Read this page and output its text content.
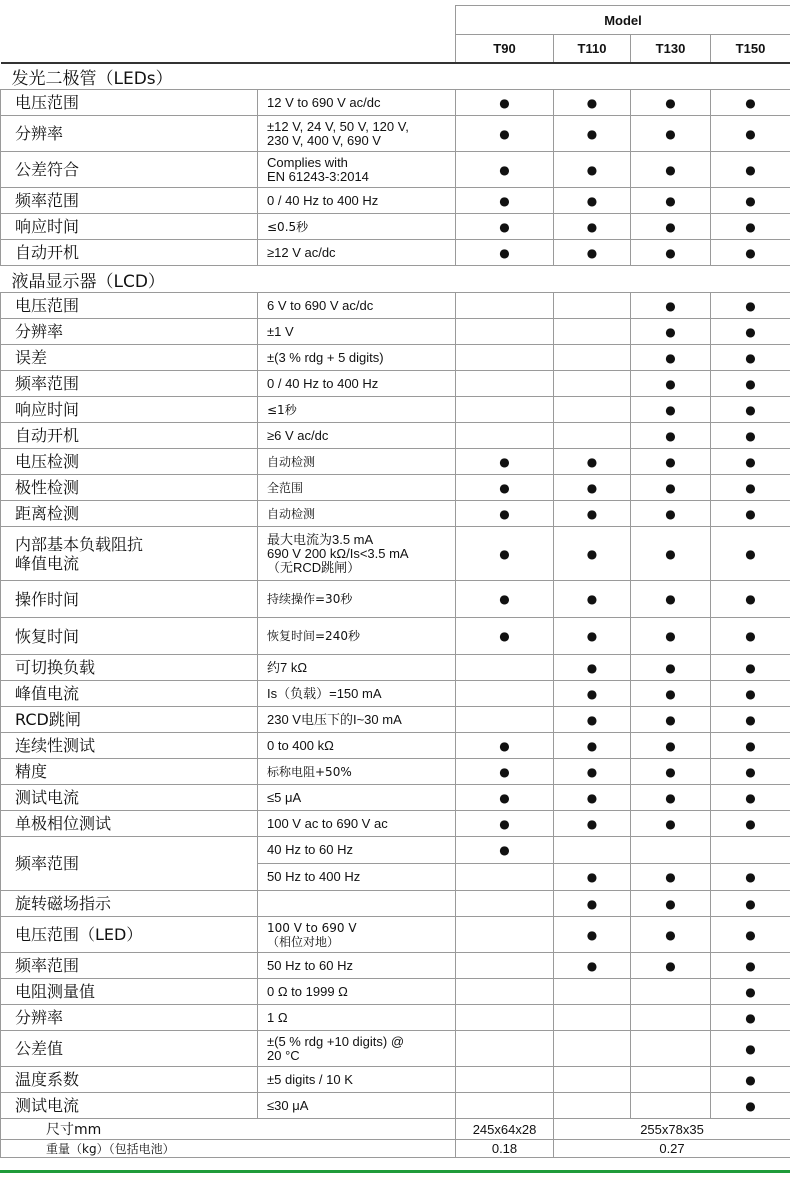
		Model			
		T90	T110	T130	T150
发光二极管（LEDs）					
电压范围	12 V to 690 V ac/dc	●	●	●	●
分辨率	±12 V, 24 V, 50 V, 120 V,
230 V, 400 V, 690 V	●	●	●	●
公差符合	Complies with
EN 61243-3:2014	●	●	●	●
频率范围	0 / 40 Hz to 400 Hz	●	●	●	●
响应时间	≤0.5秒	●	●	●	●
自动开机	≥12 V ac/dc	●	●	●	●
液晶显示器（LCD）					
电压范围	6 V to 690 V ac/dc			●	●
分辨率	±1 V			●	●
误差	±(3 % rdg + 5 digits)			●	●
频率范围	0 / 40 Hz to 400 Hz			●	●
响应时间	≤1秒			●	●
自动开机	≥6 V ac/dc			●	●
电压检测	自动检测	●	●	●	●
极性检测	全范围	●	●	●	●
距离检测	自动检测	●	●	●	●
内部基本负载阻抗
峰值电流	最大电流为3.5 mA
690 V 200 kΩ/Is<3.5 mA
（无RCD跳闸）	●	●	●	●
操作时间	持续操作=30秒	●	●	●	●
恢复时间	恢复时间=240秒	●	●	●	●
可切换负载	约7 kΩ		●	●	●
峰值电流	Is（负载）=150 mA		●	●	●
RCD跳闸	230 V电压下的I~30 mA		●	●	●
连续性测试	0 to 400 kΩ	●	●	●	●
精度	标称电阻+50%	●	●	●	●
测试电流	≤5 μA	●	●	●	●
单极相位测试	100 V ac to 690 V ac	●	●	●	●
频率范围	40 Hz to 60 Hz	●			
	50 Hz to 400 Hz		●	●	●
旋转磁场指示			●	●	●
电压范围（LED）	100 V to 690 V
（相位对地）		●	●	●
频率范围	50 Hz to 60 Hz		●	●	●
电阻测量值	0 Ω to 1999 Ω				●
分辨率	1 Ω				●
公差值	±(5 % rdg +10 digits) @
20 °C				●
温度系数	±5 digits / 10 K				●
测试电流	≤30 μA				●
尺寸mm		245x64x28	255x78x35		
重量（kg）（包括电池）		0.18	0.27		
